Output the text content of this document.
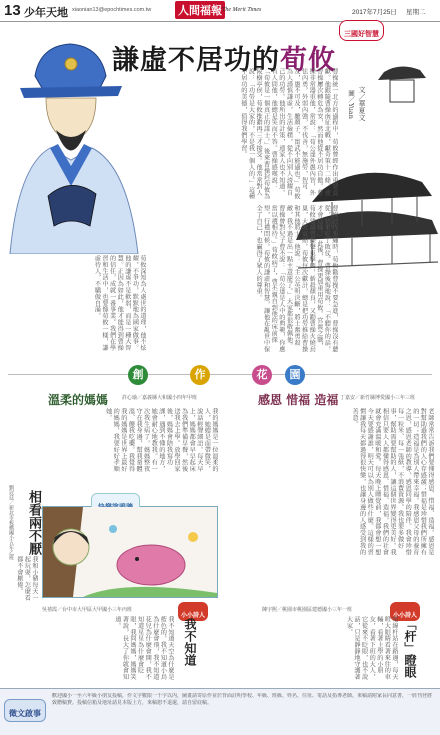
13 少年天地 xiaonian13@epochtimes.com.tw 人間福報 The Merit Times	2017年7月25日 星期二
謙虛不居功的荀攸
三國好智慧
文／華夏文
圖／Yuan
曹操統一北方的過程中，荀攸曾經作出重要貢獻。他跟隨曹操南征北戰，獻奇策十二條，使曹操屢次轉危為安，然而他從不居功自傲。曹操非常器重他，常說：「荀公達外愚內智，外怯內勇，外弱內強，不伐善，無施勞，智可及，愚不可及，雖顏子、甯武不能過也。」荀攸為人謹慎謙虛，生活儉樸，從不向別人誇耀自己的功勞。他所出的計策，連家人也不知道。有人問他，他總是笑而不答。曹操感嘆說：「荀攸是一個真正的謀士。」後來曹操封荀攸為陵樹亭侯，荀攸推辭再三才接受。他常常對人說：「功勞是大家的，不是我一個人的。」這種不居功的美德，值得我們學習。
曹操討伐張繡時，荀攸勸曹操不要急進，曹操沒有聽從，結果吃了敗仗。曹操後悔地說：「不聽你的話，才會這樣。」此後，曹操更加重用荀攸。官渡之戰，荀攸建議曹操聲東擊西，斬殺顏良，又勸曹操火燒烏巢，大敗袁紹。荀攸每次獻計，總是把功勞推給曹操和其他將士。他說：「主公英明決斷，將士奮勇殺敵，我不過是出一點主意罷了。」大家都很敬佩他。曹操曾對兒子曹丕說：「荀公達是人中的典範，你應當以禮相待。」荀攸病了，曹丕親自到他的床前探望，行禮問候。荀攸的謙虛和智慧，讓他在亂世中保全了自己，也贏得了眾人的尊重。
荀攸深知為人處世的道理，他不炫耀，不爭功，默默地為國家做事。他的謙虛不是軟弱，而是一種大智慧。正因為如此，他才能得到曹操的信任，成就一番事業。我們在學習和生活中，也要像荀攸一樣，謙虛待人，不驕傲自滿。
創	作	花	園
溫柔的媽媽	許心瑜／嘉義縣大和國小四年甲班
我的媽媽是一位溫柔的人，她總是面帶微笑，說話輕聲細語。每天早上，媽媽都會早早起床為我們準備早餐，然後送我去上學。放學回家後，媽媽會陪我寫功課，遇到不懂的地方，她會耐心地教我。有一次我生病了，媽媽整夜守在我身邊，幫我量體溫、餵我吃藥。我覺得我的媽媽是世界上最好的媽媽，我要好好孝順她。
感恩 惜福 造福 丁嘉安／新竹縣博愛國小三年三班
老師常常告訴我們要懂得感恩、惜福、造福。感恩是對幫助過我們的人心存感激；惜福是珍惜我們所擁有的一切；造福是為別人帶來幸福。我感恩父母的養育之恩，感恩老師的教導，感恩同學的陪伴。我會珍惜每一粒米、每一張紙，不浪費資源。我也要多做好事，幫助需要幫助的人，讓這個世界變得更美好。我相信只要人人都懂得感恩、惜福、造福，我們的社會就會充滿溫暖和愛。每天晚上睡覺前，我都會想一想今天要感謝誰，明天可以為別人做些什麼。這樣的習慣讓我每天都過得很快樂，也讓身邊的人感受到我的善意。
相看兩不厭
劉冠廷／新北市板橋國小五年乙班
我和小豬每天一起玩耍，怎麼看都不會厭倦。
吳禧霞／台中市大甲區大甲國小三年丙班
小小詩人
我不知道
我不知道天空為什麼是藍色的，我不知道小鳥為什麼會飛，我不知道花兒為什麼會開，我不知道星星為什麼會眨眼，我問媽媽，媽媽笑著說，長大了你就會知道。
陳宇熙／桃園市桃園區建德國小三年一班
小小詩人
「杆」瞪眼
電線杆站在路邊，每天瞪大眼睛看著來往的車輛，看著上學的小朋友，看著下班的大人，它從來不眨眼，也不說話，只是靜靜地守護著大家。
徵文啟事
歡迎國小一至六年級小朋友投稿，作文字數限一千字以內，圖畫請寄原作並於背面註明學校、年級、班級、姓名、住址、電話及指導老師。來稿請附家長同意書，一經刊登將致贈稿費。投稿信箱及地址請見本版上方，來稿恕不退還，請自留底稿。
